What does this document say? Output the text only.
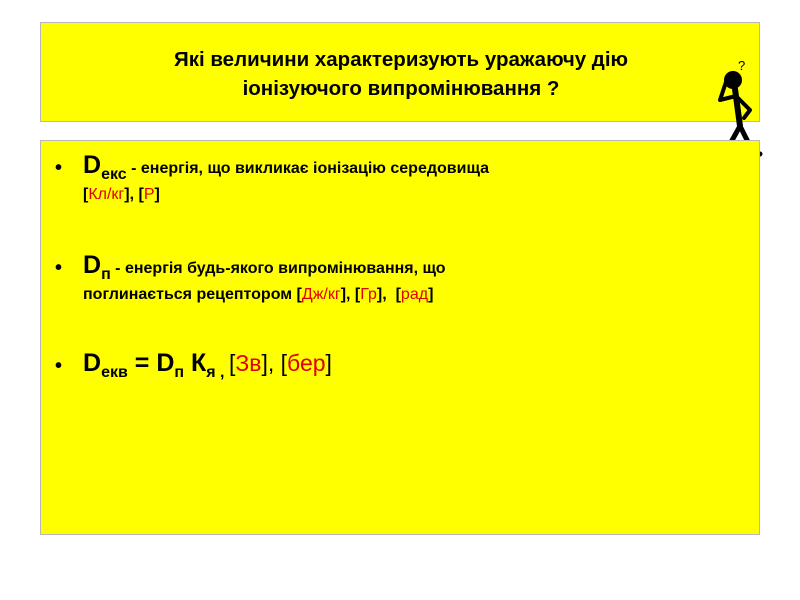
Які величини характеризують уражаючу дію
іонізуючого випромінювання ?
?
• Dекс - енергія, що викликає іонізацію середовища
[Кл/кг], [Р]
• Dп - енергія будь-якого випромінювання, що
поглинається рецептором [Дж/кг], [Гр],  [рад]
• Dекв = Dп Кя , [Зв], [бер]
